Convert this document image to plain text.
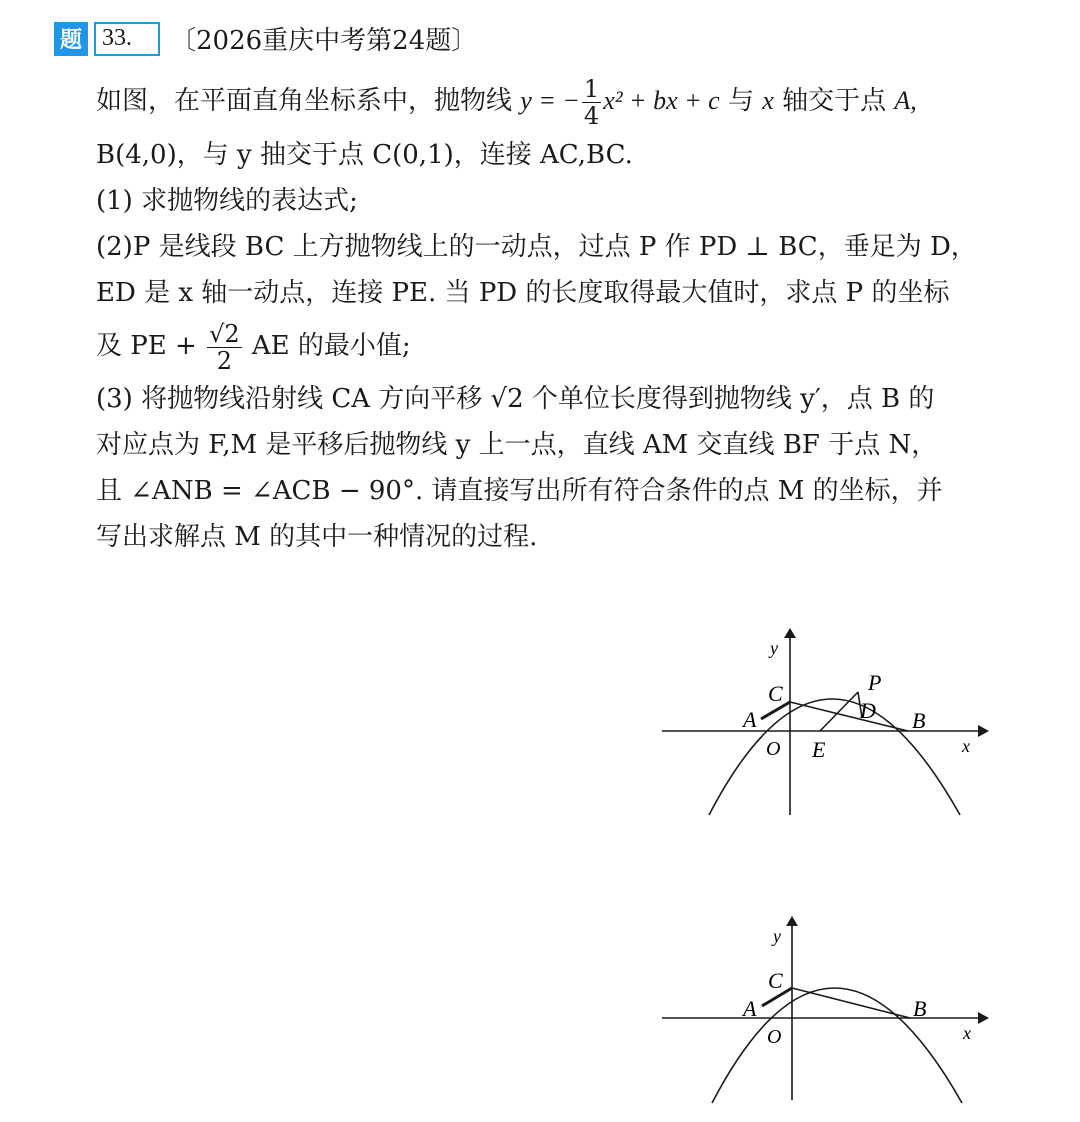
题 33.	〔2026重庆中考第24题〕
如图，在平面直角坐标系中，抛物线 y = − $\frac{1}{4} x^2$ + bx + c 与 x 轴交于点 A,
B(4,0)，与 y 抽交于点 C(0,1)，连接 AC,BC.
(1) 求抛物线的表达式;
(2)P 是线段 BC 上方抛物线上的一动点，过点 P 作 PD ⊥ BC，垂足为 D，
ED 是 x 轴一动点，连接 PE. 当 PD 的长度取得最大值时，求点 P 的坐标
及 PE + $\frac{√2}{2}$ AE 的最小值;
(3) 将抛物线沿射线 CA 方向平移 √2 个单位长度得到抛物线 y′，点 B 的
对应点为 F,M 是平移后抛物线 y 上一点，直线 AM 交直线 BF 于点 N，
且 ∠ANB = ∠ACB − 90°. 请直接写出所有符合条件的点 M 的坐标，并
写出求解点 M 的其中一种情况的过程.
y
x
O
A	B
C	P
D
E
y
x
O
A	B
C
